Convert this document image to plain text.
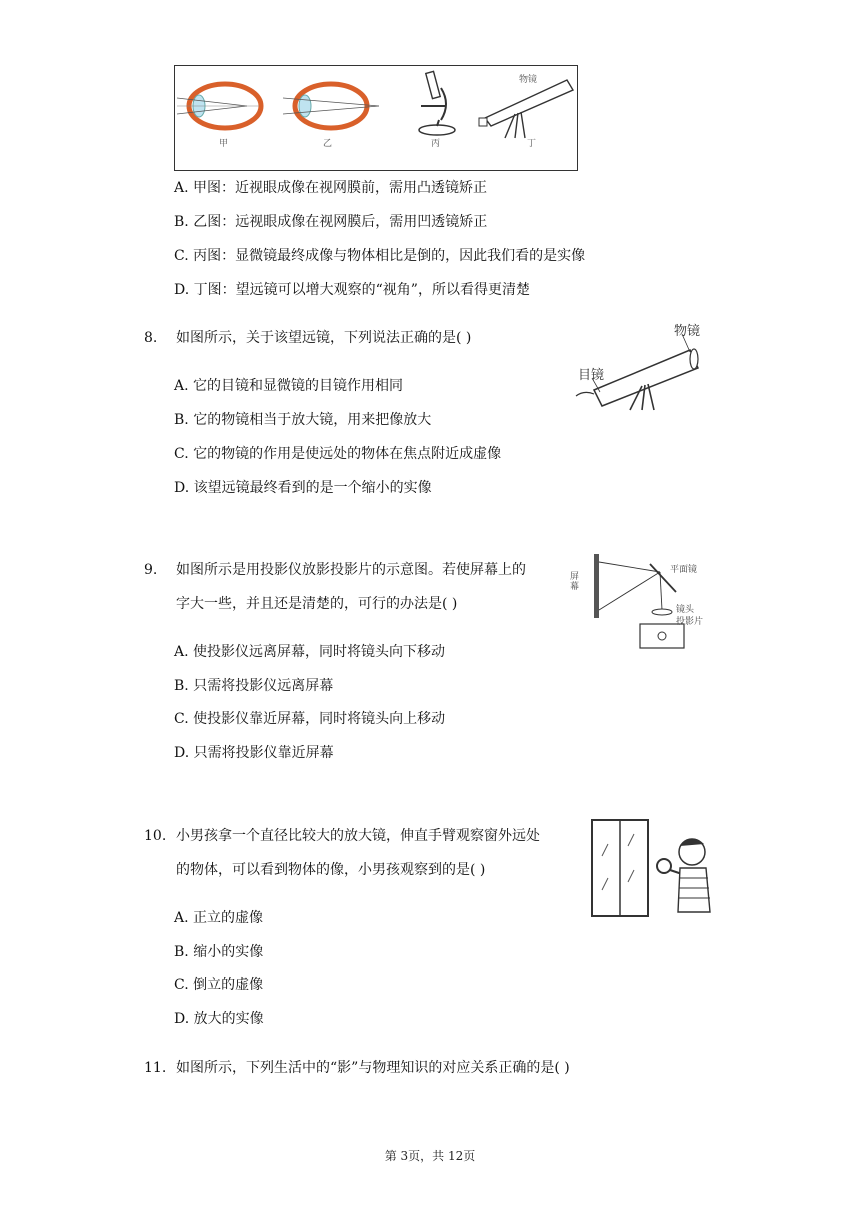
甲	乙	丙
物镜
丁
A. 甲图：近视眼成像在视网膜前，需用凸透镜矫正
B. 乙图：远视眼成像在视网膜后，需用凹透镜矫正
C. 丙图：显微镜最终成像与物体相比是倒的，因此我们看的是实像
D. 丁图：望远镜可以增大观察的“视角”，所以看得更清楚
8. 如图所示，关于该望远镜，下列说法正确的是( )	物镜
目镜
A. 它的目镜和显微镜的目镜作用相同
B. 它的物镜相当于放大镜，用来把像放大
C. 它的物镜的作用是使远处的物体在焦点附近成虚像
D. 该望远镜最终看到的是一个缩小的实像
9. 如图所示是用投影仪放影投影片的示意图。若使屏幕上的
字大一些，并且还是清楚的，可行的办法是( )
屏幕
平面镜
镜头
投影片
A. 使投影仪远离屏幕，同时将镜头向下移动
B. 只需将投影仪远离屏幕
C. 使投影仪靠近屏幕，同时将镜头向上移动
D. 只需将投影仪靠近屏幕
10. 小男孩拿一个直径比较大的放大镜，伸直手臂观察窗外远处
的物体，可以看到物体的像，小男孩观察到的是( )
A. 正立的虚像
B. 缩小的实像
C. 倒立的虚像
D. 放大的实像
11. 如图所示，下列生活中的“影”与物理知识的对应关系正确的是( )
第 3页，共 12页
